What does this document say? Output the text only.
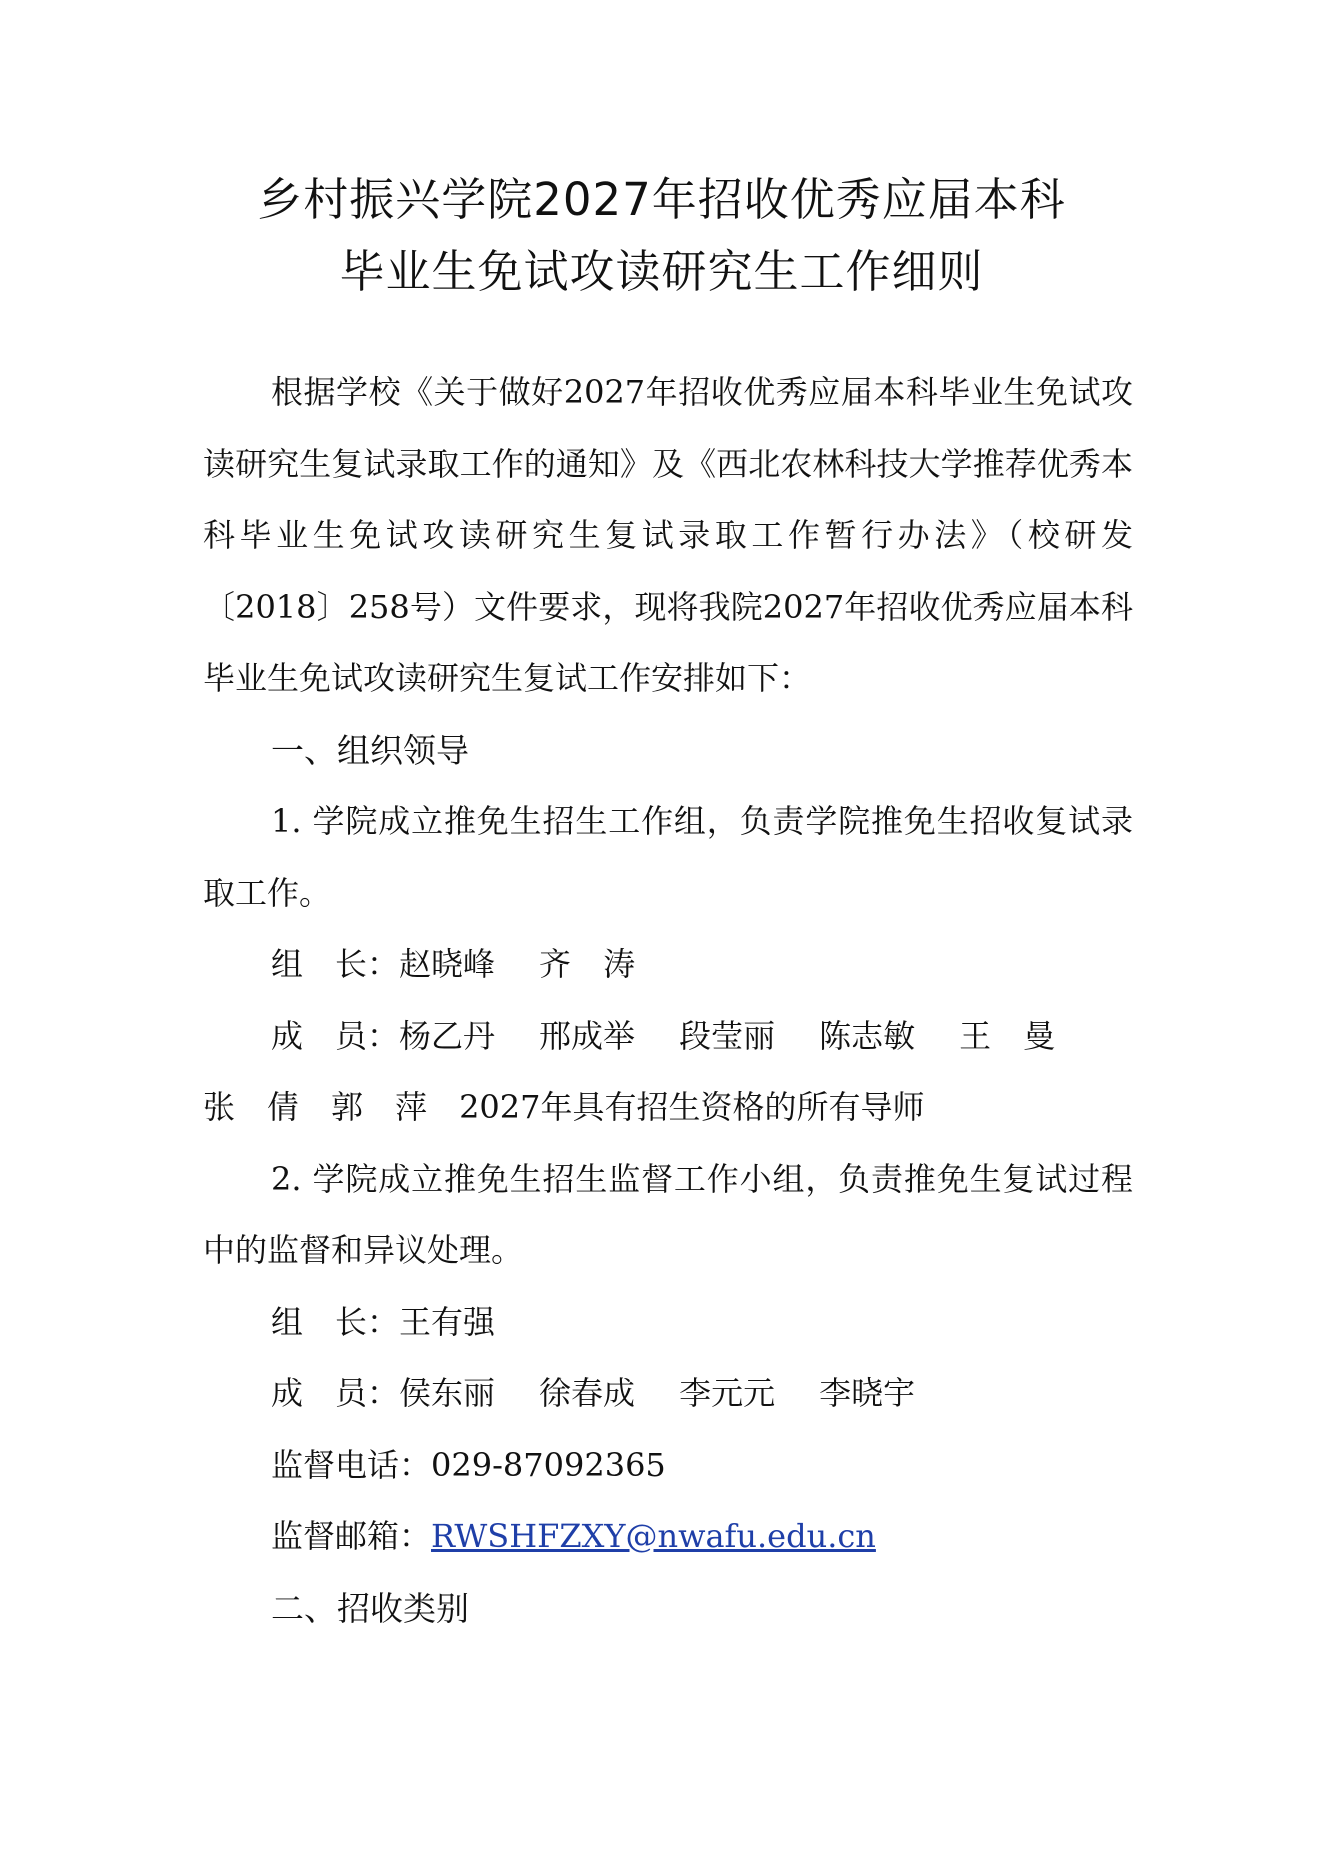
乡村振兴学院2027年招收优秀应届本科
毕业生免试攻读研究生工作细则

根据学校《关于做好2027年招收优秀应届本科毕业生免试攻读研究生复试录取工作的通知》及《西北农林科技大学推荐优秀本科毕业生免试攻读研究生复试录取工作暂行办法》（校研发〔2018〕258号）文件要求，现将我院2027年招收优秀应届本科毕业生免试攻读研究生复试工作安排如下：

一、组织领导

1. 学院成立推免生招生工作组，负责学院推免生招收复试录取工作。

组 长：赵晓峰 齐 涛

成 员：杨乙丹 邢成举 段莹丽 陈志敏 王 曼
张 倩 郭 萍 2027年具有招生资格的所有导师

2. 学院成立推免生招生监督工作小组，负责推免生复试过程中的监督和异议处理。

组 长：王有强

成 员：侯东丽 徐春成 李元元 李晓宇

监督电话：029-87092365

监督邮箱：RWSHFZXY@nwafu.edu.cn

二、招收类别
